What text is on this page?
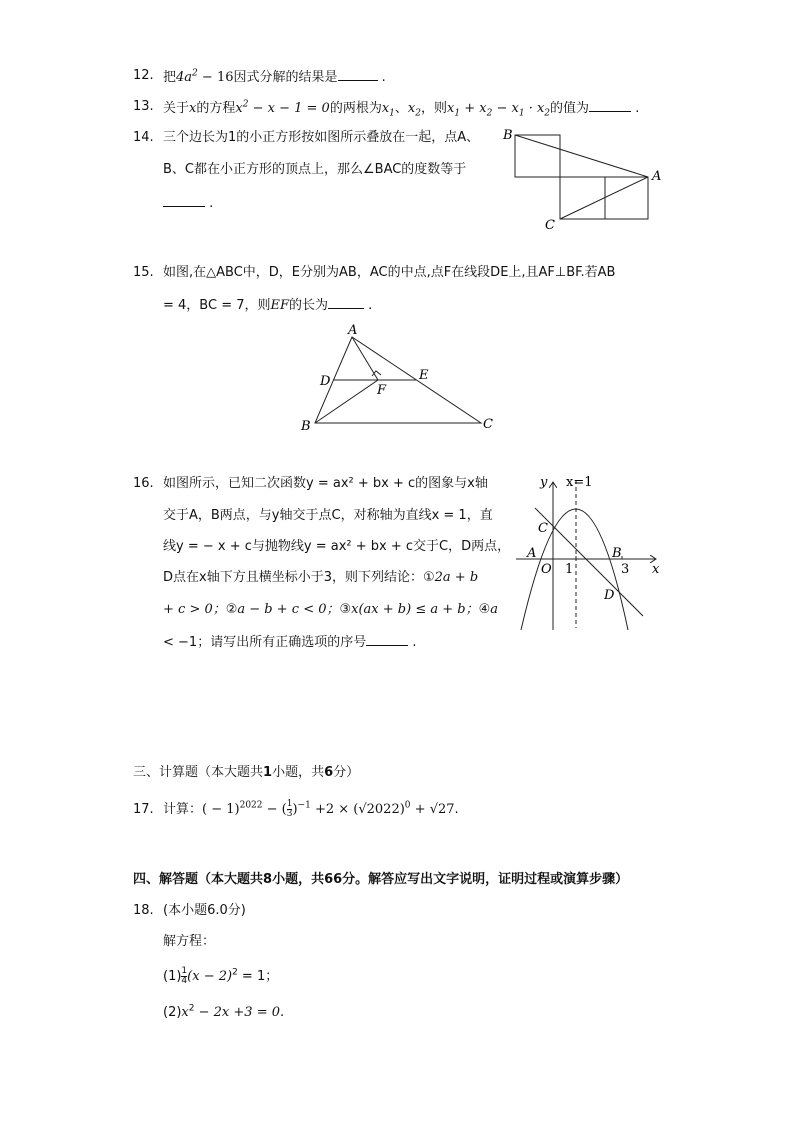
12. 把$4a^2 - 16$因式分解的结果是	.
13. 关于x的方程$x^2 - x - 1 = 0$的两根为$x_1$、$x_2$，则$x_1 + x_2 - x_1 \cdot x_2$的值为	.
14. 三个边长为1的小正方形按如图所示叠放在一起，点A、
B、C都在小正方形的顶点上，那么∠BAC的度数等于
.
B
A
C
15. 如图,在△ABC中，D，E分别为AB，AC的中点,点F在线段DE上,且AF⊥BF.若AB
= 4，BC = 7，则EF的长为	.
A
D	E
F
B	C
16. 如图所示，已知二次函数y = ax² + bx + c的图象与x轴
交于A，B两点，与y轴交于点C，对称轴为直线x = 1，直
线y = − x + c与抛物线y = ax² + bx + c交于C，D两点，
D点在x轴下方且横坐标小于3，则下列结论：①2a + b
+ c > 0；②a − b + c < 0；③x(ax + b) ≤ a + b；④a
< −1；请写出所有正确选项的序号	.
y x=1
x
C
A	B
O 1	3
D
三、计算题（本大题共1小题，共6分）
17. 计算：( − 1)$^{2022}$ − ( $\frac{1}{3} )^{-1} +2 \times (√2022)^0 + √27$.
四、解答题（本大题共8小题，共66分。解答应写出文字说明，证明过程或演算步骤）
18. (本小题6.0分)
解方程：
$(1) \frac{1}{4} (x - 2)^2 = 1$；
$(2)x^2 - 2x +3 = 0$.
